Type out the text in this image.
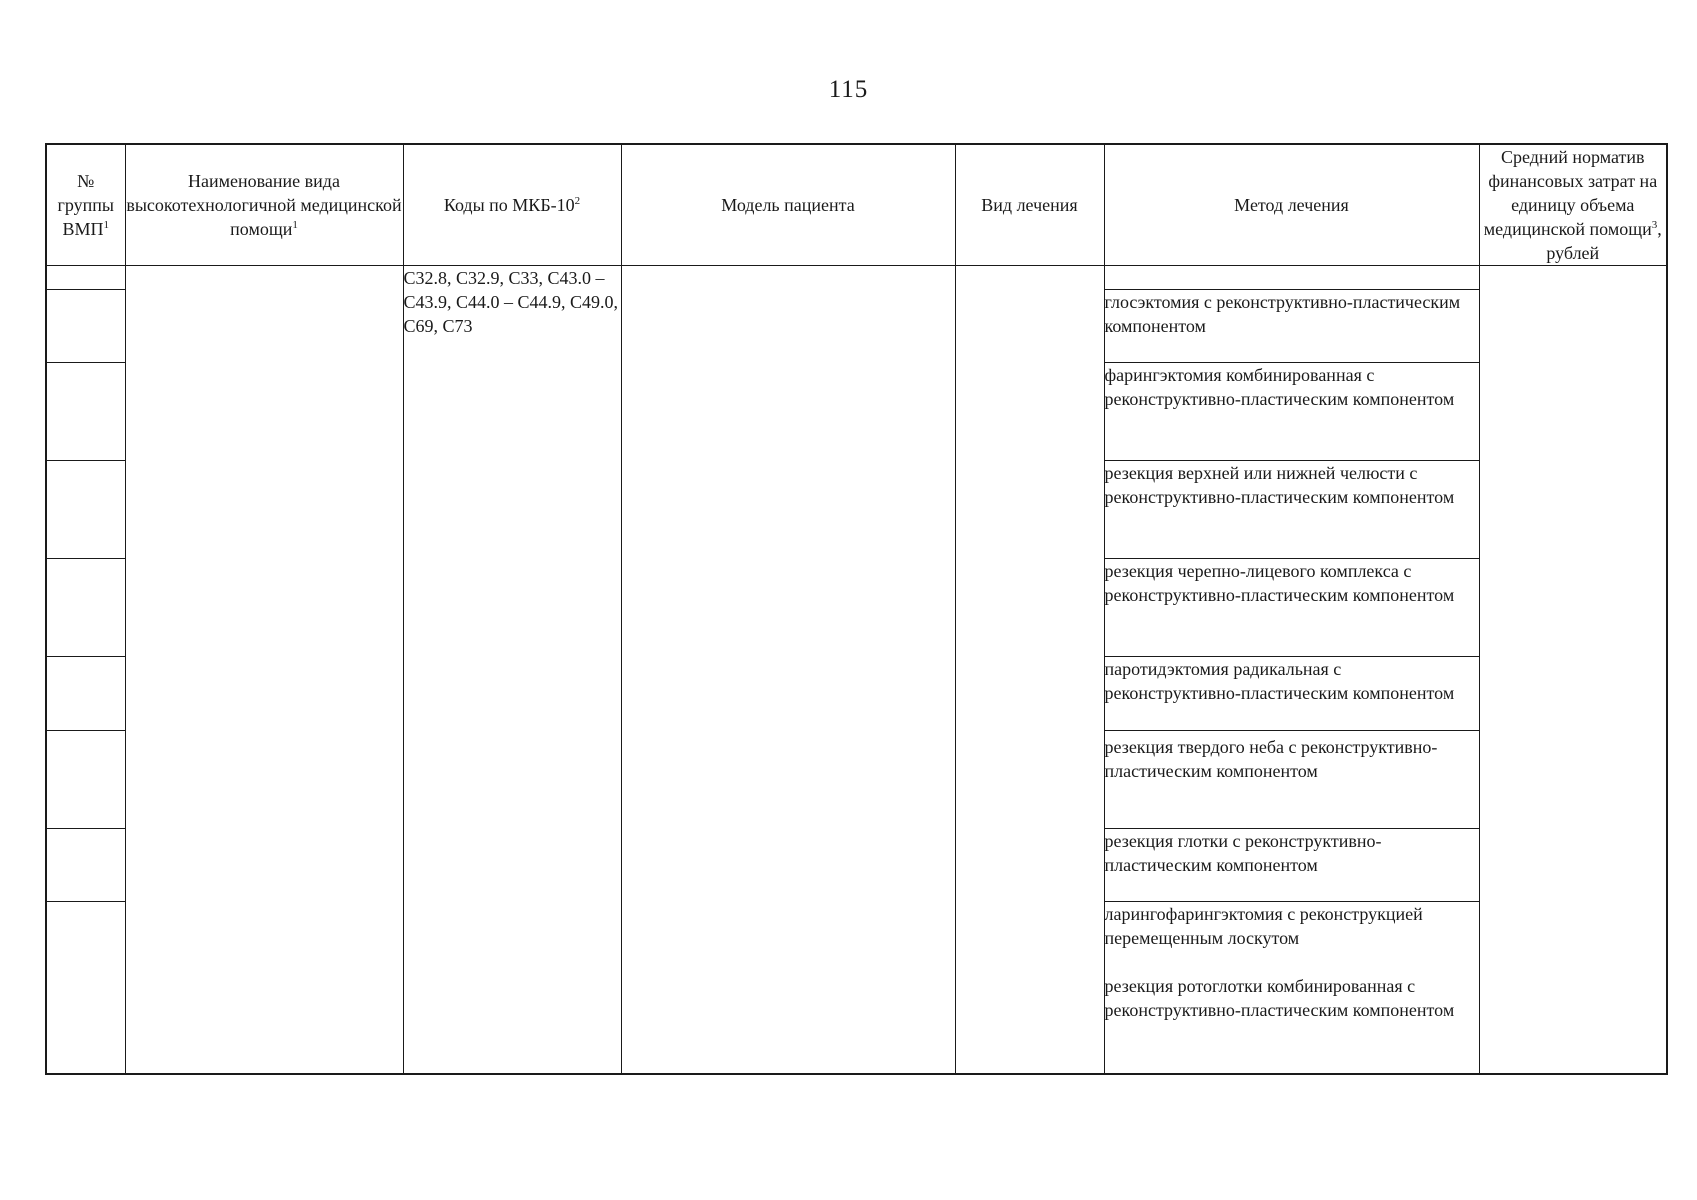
115
№ группы ВМП$^1$	Наименование вида высокотехнологичной медицинской помощи$^1$	Коды по МКБ-$10^2$	Модель пациента	Вид лечения	Метод лечения	Средний норматив финансовых затрат на единицу объема медицинской помощи$^3$, рублей
		C32.8, C32.9, C33, C43.0 – C43.9, C44.0 – C44.9, C49.0, C69, C73			

					глосэктомия с реконструктивно-пластическим компонентом	

					фарингэктомия комбинированная с реконструктивно-пластическим компонентом	

					резекция верхней или нижней челюсти с реконструктивно-пластическим компонентом	

					резекция черепно-лицевого комплекса с реконструктивно-пластическим компонентом	

					паротидэктомия радикальная с реконструктивно-пластическим компонентом	

					резекция твердого неба с реконструктивно-пластическим компонентом	

					резекция глотки с реконструктивно-пластическим компонентом	

					ларингофарингэктомия с реконструкцией перемещенным лоскутом
резекция ротоглотки комбинированная с реконструктивно-пластическим компонентом	
